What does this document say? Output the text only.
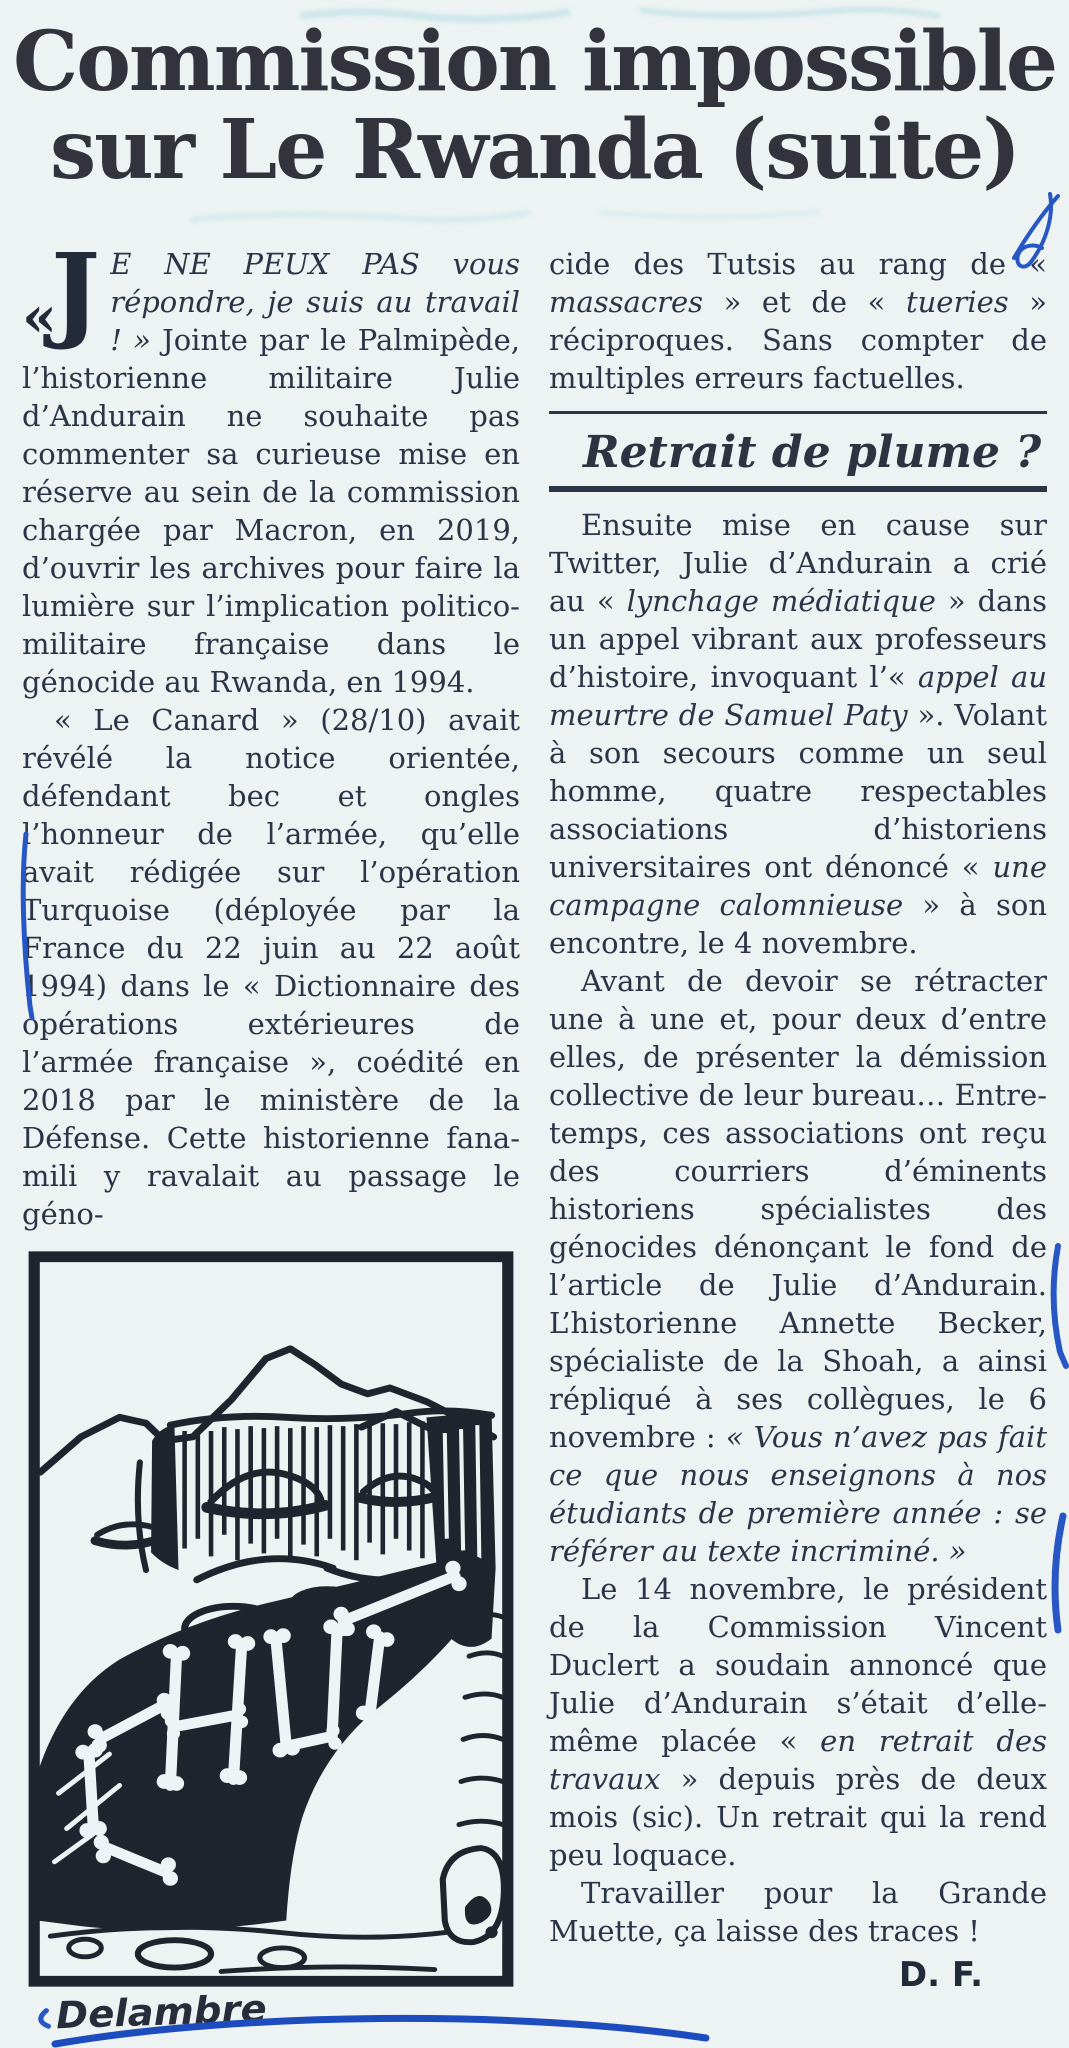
Commission impossible
sur Le Rwanda (suite)

« J E NE PEUX PAS vous répondre, je suis au travail ! » Jointe par le Palmipède, l’historienne militaire Julie d’Andurain ne souhaite pas commenter sa curieuse mise en réserve au sein de la commission chargée par Macron, en 2019, d’ouvrir les archives pour faire la lumière sur l’implication politico-militaire française dans le génocide au Rwanda, en 1994.

« Le Canard » (28/10) avait révélé la notice orientée, défendant bec et ongles l’honneur de l’armée, qu’elle avait rédigée sur l’opération Turquoise (déployée par la France du 22 juin au 22 août 1994) dans le « Dictionnaire des opérations extérieures de l’armée française », coédité en 2018 par le ministère de la Défense. Cette historienne fana-mili y ravalait au passage le géno-

Delambre

cide des Tutsis au rang de « massacres » et de « tueries » réciproques. Sans compter de multiples erreurs factuelles.

Retrait de plume ?

Ensuite mise en cause sur Twitter, Julie d’Andurain a crié au « lynchage médiatique » dans un appel vibrant aux professeurs d’histoire, invoquant l’« appel au meurtre de Samuel Paty ». Volant à son secours comme un seul homme, quatre respectables associations d’historiens universitaires ont dénoncé « une campagne calomnieuse » à son encontre, le 4 novembre.

Avant de devoir se rétracter une à une et, pour deux d’entre elles, de présenter la démission collective de leur bureau… Entre-temps, ces associations ont reçu des courriers d’éminents historiens spécialistes des génocides dénonçant le fond de l’article de Julie d’Andurain. L’historienne Annette Becker, spécialiste de la Shoah, a ainsi répliqué à ses collègues, le 6 novembre : « Vous n’avez pas fait ce que nous enseignons à nos étudiants de première année : se référer au texte incriminé. »

Le 14 novembre, le président de la Commission Vincent Duclert a soudain annoncé que Julie d’Andurain s’était d’elle-même placée « en retrait des travaux » depuis près de deux mois (sic). Un retrait qui la rend peu loquace.

Travailler pour la Grande Muette, ça laisse des traces !

D. F.
